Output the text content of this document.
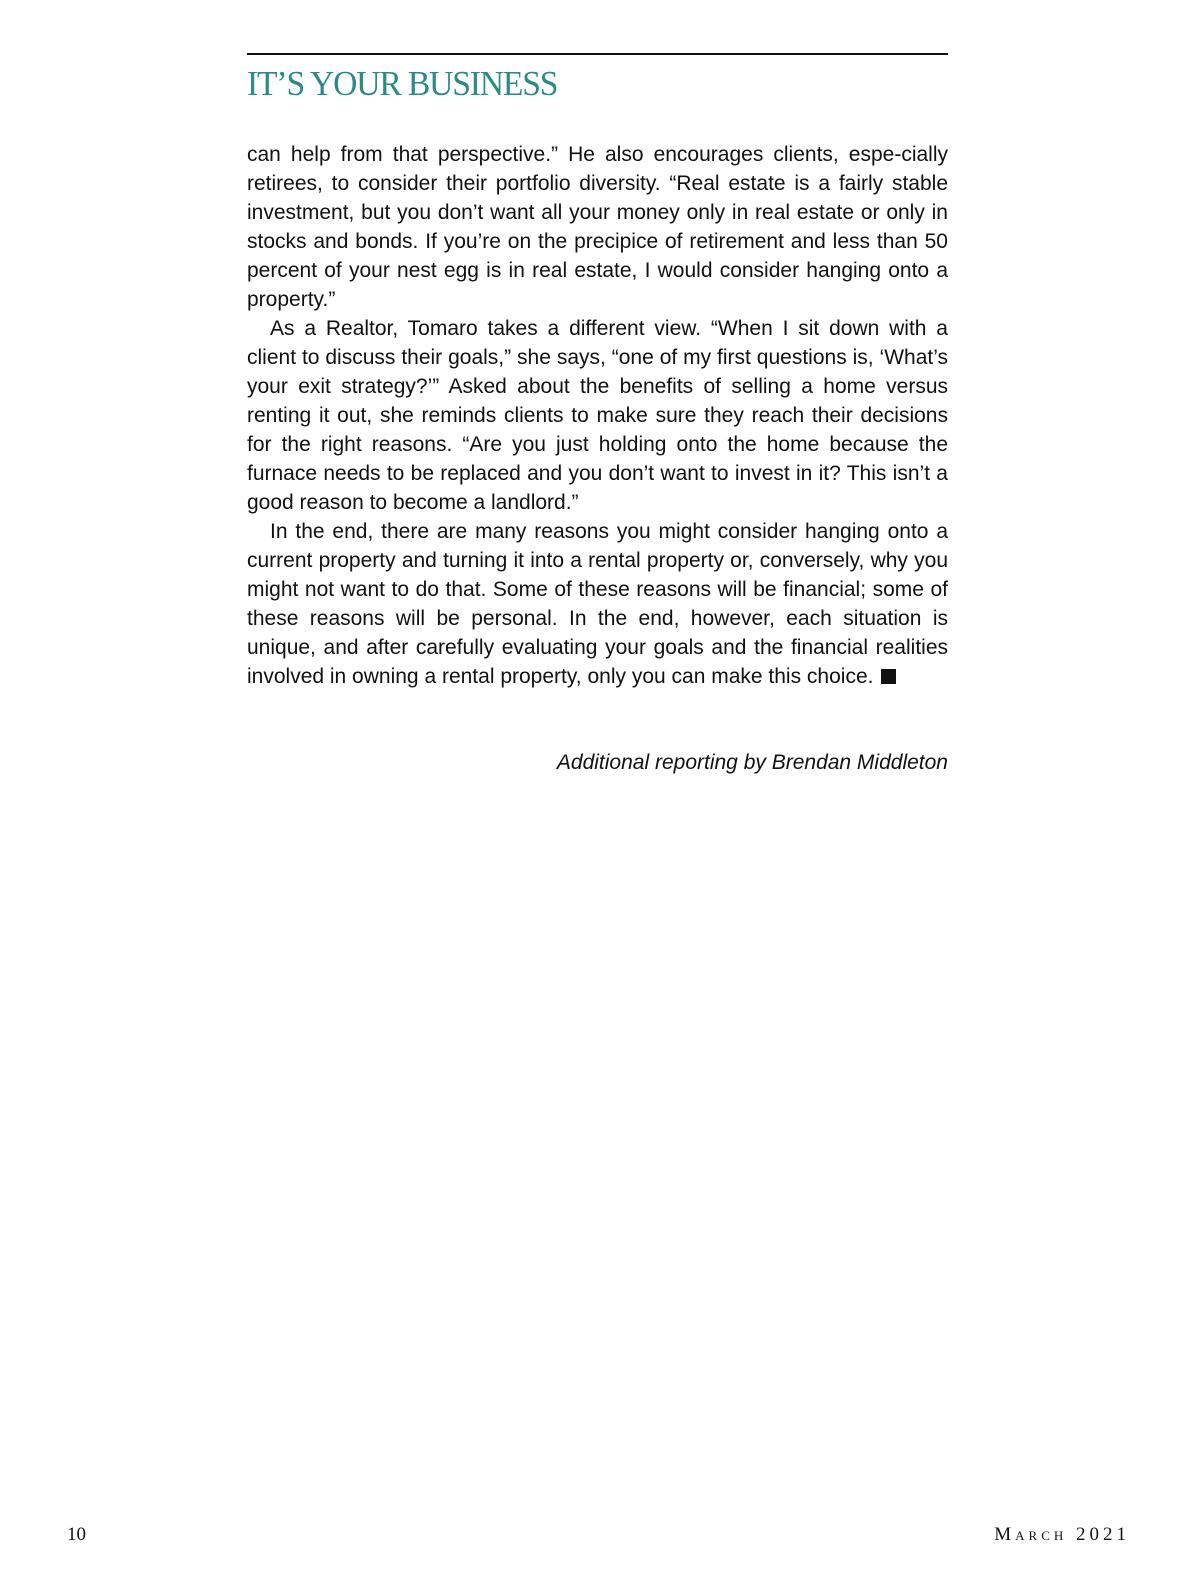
IT’S YOUR BUSINESS

can help from that perspective.” He also encourages clients, espe-cially retirees, to consider their portfolio diversity. “Real estate is a fairly stable investment, but you don’t want all your money only in real estate or only in stocks and bonds. If you’re on the precipice of retirement and less than 50 percent of your nest egg is in real estate, I would consider hanging onto a property.”

As a Realtor, Tomaro takes a different view. “When I sit down with a client to discuss their goals,” she says, “one of my first questions is, ‘What’s your exit strategy?’” Asked about the benefits of selling a home versus renting it out, she reminds clients to make sure they reach their decisions for the right reasons. “Are you just holding onto the home because the furnace needs to be replaced and you don’t want to invest in it? This isn’t a good reason to become a landlord.”

In the end, there are many reasons you might consider hanging onto a current property and turning it into a rental property or, conversely, why you might not want to do that. Some of these reasons will be financial; some of these reasons will be personal. In the end, however, each situation is unique, and after carefully evaluating your goals and the financial realities involved in owning a rental property, only you can make this choice.

Additional reporting by Brendan Middleton
10	March 2021
